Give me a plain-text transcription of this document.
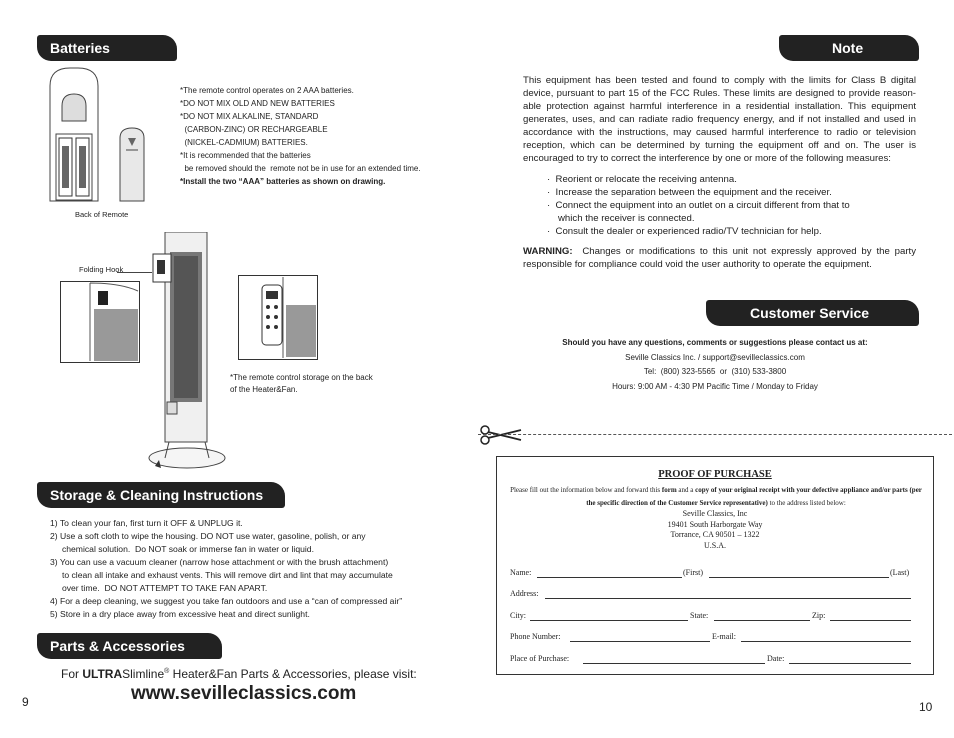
Batteries
*The remote control operates on 2 AAA batteries.
*DO NOT MIX OLD AND NEW BATTERIES
*DO NOT MIX ALKALINE, STANDARD
(CARBON-ZINC) OR RECHARGEABLE
(NICKEL-CADMIUM) BATTERIES.
*It is recommended that the batteries
be removed should the  remote not be in use for an extended time.
*Install the two “AAA” batteries as shown on drawing.
Back of Remote
Folding Hook
*The remote control storage on the back
of the Heater&Fan.
Storage & Cleaning Instructions
1) To clean your fan, first turn it OFF & UNPLUG it.
2) Use a soft cloth to wipe the housing. DO NOT use water, gasoline, polish, or any
chemical solution.  Do NOT soak or immerse fan in water or liquid.
3) You can use a vacuum cleaner (narrow hose attachment or with the brush attachment)
to clean all intake and exhaust vents. This will remove dirt and lint that may accumulate
over time.  DO NOT ATTEMPT TO TAKE FAN APART.
4) For a deep cleaning, we suggest you take fan outdoors and use a “can of compressed air”
5) Store in a dry place away from excessive heat and direct sunlight.
Parts & Accessories
For ULTRASlimline® Heater&Fan Parts & Accessories, please visit:
www.sevilleclassics.com
9
Note
This equipment has been tested and found to comply with the limits for Class B digital device, pursuant to part 15 of the FCC Rules. These limits are designed to provide reason-able protection against harmful interference in a residential installation. This equipment generates, uses, and can radiate radio frequency energy, and if not installed and used in accordance with the instructions, may caused harmful interference to radio or television reception, which can be determined by turning the equipment off and on. The user is encouraged to try to correct the interference by one or more of the following measures:
·  Reorient or relocate the receiving antenna.
·  Increase the separation between the equipment and the receiver.
·  Connect the equipment into an outlet on a circuit different from that to
which the receiver is connected.
·  Consult the dealer or experienced radio/TV technician for help.
WARNING:  Changes or modifications to this unit not expressly approved by the party responsible for compliance could void the user authority to operate the equipment.
Customer Service
Should you have any questions, comments or suggestions please contact us at:
Seville Classics Inc. / support@sevilleclassics.com
Tel:  (800) 323-5565  or  (310) 533-3800
Hours: 9:00 AM - 4:30 PM Pacific Time / Monday to Friday
PROOF OF PURCHASE
Please fill out the information below and forward this form and a copy of your original receipt with your defective appliance and/or parts (per the specific direction of the Customer Service representative) to the address listed below:
Seville Classics, Inc
19401 South Harborgate Way
Torrance, CA 90501 – 1322
U.S.A.
Name:	(First)	(Last)
Address:
City:	State:	Zip:
Phone Number:	E-mail:
Place of Purchase:	Date:
10
